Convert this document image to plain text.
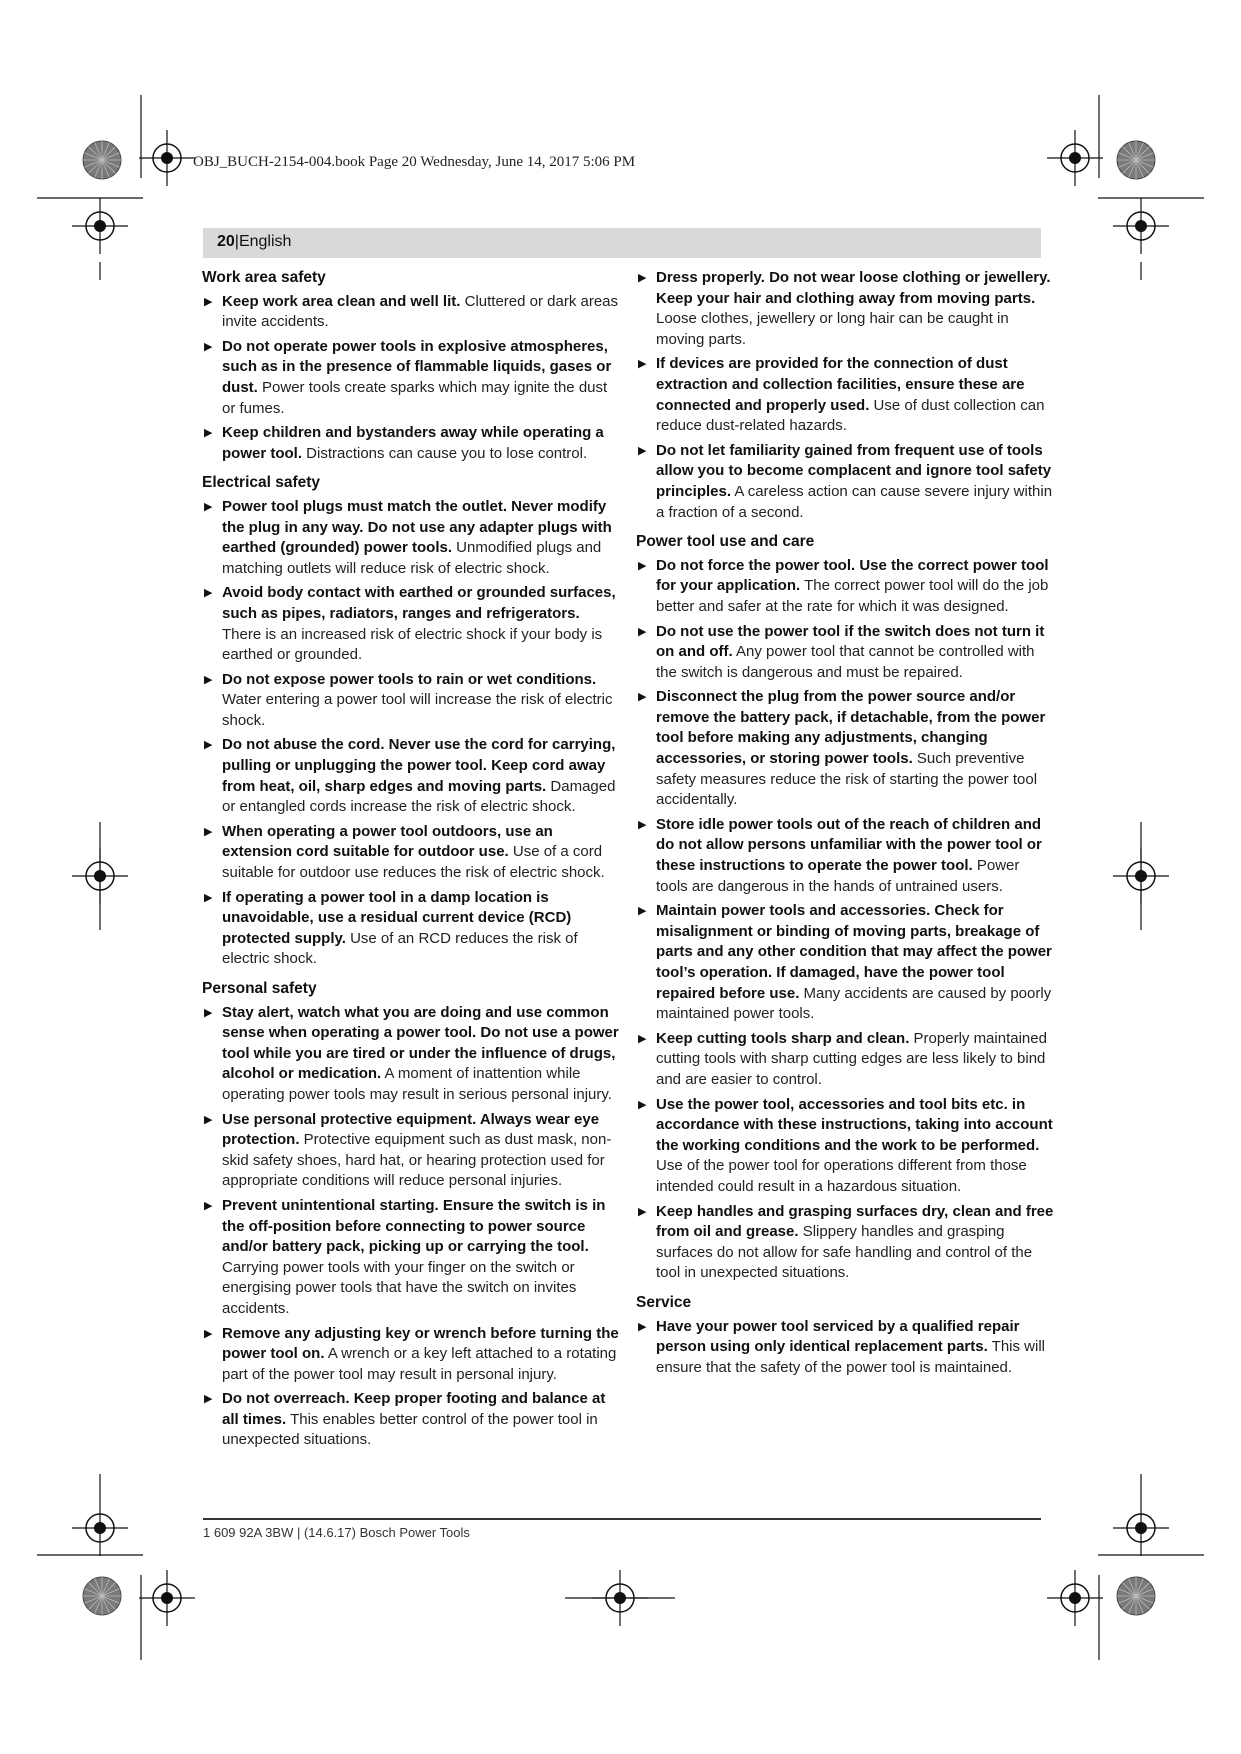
OBJ_BUCH-2154-004.book Page 20 Wednesday, June 14, 2017 5:06 PM
20|English
Work area safety
▶ Keep work area clean and well lit. Cluttered or dark areas invite accidents.
▶ Do not operate power tools in explosive atmospheres, such as in the presence of flammable liquids, gases or dust. Power tools create sparks which may ignite the dust or fumes.
▶ Keep children and bystanders away while operating a power tool. Distractions can cause you to lose control.
Electrical safety
▶ Power tool plugs must match the outlet. Never modify the plug in any way. Do not use any adapter plugs with earthed (grounded) power tools. Unmodified plugs and matching outlets will reduce risk of electric shock.
▶ Avoid body contact with earthed or grounded surfaces, such as pipes, radiators, ranges and refrigerators. There is an increased risk of electric shock if your body is earthed or grounded.
▶ Do not expose power tools to rain or wet conditions. Water entering a power tool will increase the risk of electric shock.
▶ Do not abuse the cord. Never use the cord for carrying, pulling or unplugging the power tool. Keep cord away from heat, oil, sharp edges and moving parts. Damaged or entangled cords increase the risk of electric shock.
▶ When operating a power tool outdoors, use an extension cord suitable for outdoor use. Use of a cord suitable for outdoor use reduces the risk of electric shock.
▶ If operating a power tool in a damp location is unavoidable, use a residual current device (RCD) protected supply. Use of an RCD reduces the risk of electric shock.
Personal safety
▶ Stay alert, watch what you are doing and use common sense when operating a power tool. Do not use a power tool while you are tired or under the influence of drugs, alcohol or medication. A moment of inattention while operating power tools may result in serious personal injury.
▶ Use personal protective equipment. Always wear eye protection. Protective equipment such as dust mask, non-skid safety shoes, hard hat, or hearing protection used for appropriate conditions will reduce personal injuries.
▶ Prevent unintentional starting. Ensure the switch is in the off-position before connecting to power source and/or battery pack, picking up or carrying the tool. Carrying power tools with your finger on the switch or energising power tools that have the switch on invites accidents.
▶ Remove any adjusting key or wrench before turning the power tool on. A wrench or a key left attached to a rotating part of the power tool may result in personal injury.
▶ Do not overreach. Keep proper footing and balance at all times. This enables better control of the power tool in unexpected situations.
▶ Dress properly. Do not wear loose clothing or jewellery. Keep your hair and clothing away from moving parts. Loose clothes, jewellery or long hair can be caught in moving parts.
▶ If devices are provided for the connection of dust extraction and collection facilities, ensure these are connected and properly used. Use of dust collection can reduce dust-related hazards.
▶ Do not let familiarity gained from frequent use of tools allow you to become complacent and ignore tool safety principles. A careless action can cause severe injury within a fraction of a second.
Power tool use and care
▶ Do not force the power tool. Use the correct power tool for your application. The correct power tool will do the job better and safer at the rate for which it was designed.
▶ Do not use the power tool if the switch does not turn it on and off. Any power tool that cannot be controlled with the switch is dangerous and must be repaired.
▶ Disconnect the plug from the power source and/or remove the battery pack, if detachable, from the power tool before making any adjustments, changing accessories, or storing power tools. Such preventive safety measures reduce the risk of starting the power tool accidentally.
▶ Store idle power tools out of the reach of children and do not allow persons unfamiliar with the power tool or these instructions to operate the power tool. Power tools are dangerous in the hands of untrained users.
▶ Maintain power tools and accessories. Check for misalignment or binding of moving parts, breakage of parts and any other condition that may affect the power tool’s operation. If damaged, have the power tool repaired before use. Many accidents are caused by poorly maintained power tools.
▶ Keep cutting tools sharp and clean. Properly maintained cutting tools with sharp cutting edges are less likely to bind and are easier to control.
▶ Use the power tool, accessories and tool bits etc. in accordance with these instructions, taking into account the working conditions and the work to be performed. Use of the power tool for operations different from those intended could result in a hazardous situation.
▶ Keep handles and grasping surfaces dry, clean and free from oil and grease. Slippery handles and grasping surfaces do not allow for safe handling and control of the tool in unexpected situations.
Service
▶ Have your power tool serviced by a qualified repair person using only identical replacement parts. This will ensure that the safety of the power tool is maintained.
1 609 92A 3BW | (14.6.17) Bosch Power Tools
